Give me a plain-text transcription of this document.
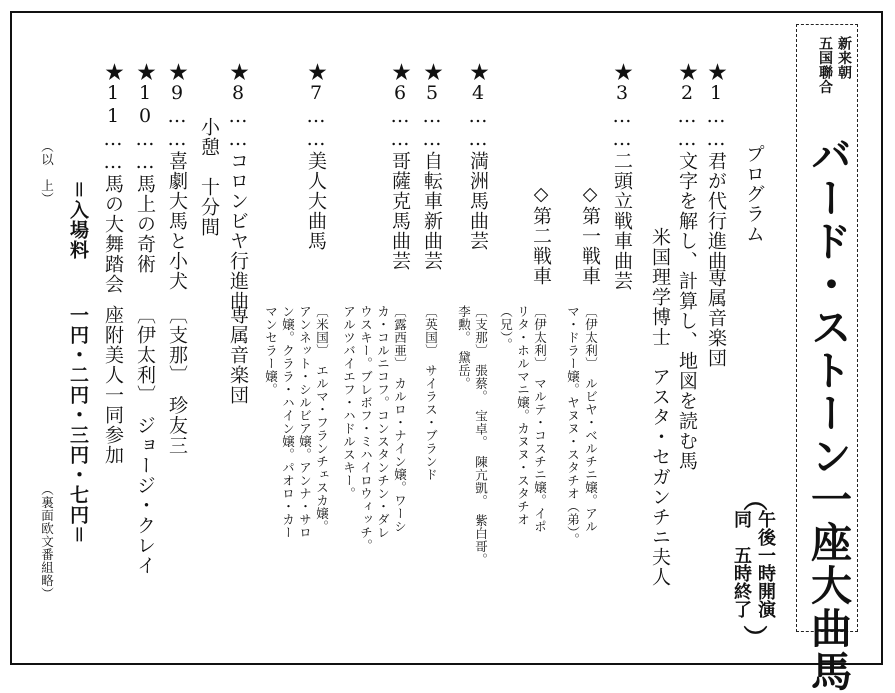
新来朝
五国聯合
バード・ストーン一座大曲馬
（
午後一時開演
同　五時終了
）
プログラム
★1……君が代行進曲
専属音楽団
★2……文字を解し、計算し、地図を読む馬
米国理学博士　アスタ・セガンチニ夫人
★3……二頭立戦車曲芸
◇第一戦車
◇第二戦車
〔伊太利〕　ルビヤ・ベルチニ嬢。アル
マ・ドラー嬢。ヤヌヌ・スタチオ（弟）。
〔伊太利〕　マルテ・コスチニ嬢。イポ
リタ・ホルマニ嬢。カヌヌ・スタチオ
（兄）。
★4……満洲馬曲芸
〔支那〕　張蔡。　宝卓。　陳亢凱。　紫白哥。
李勲。　黛岳。
★5……自転車新曲芸
〔英国〕　サイラス・ブランド
★6……哥薩克馬曲芸
〔露西亜〕　カルロ・ナイン嬢。ワーシ
カ・コルニコフ。コンスタンチン・ダレ
ウスキー。ブレボフ・ミハイロウィッチ。
アルツバイエフ・ハドルスキー。
★7……美人大曲馬
〔米国〕　エルマ・フランチェスカ嬢。
アンネット・シルビア嬢。アンナ・サロ
ン嬢。クララ・ハイン嬢。パオロ・カー
マンセラー嬢。
★8……コロンビヤ行進曲
専属音楽団
小憩　十分間
★9……喜劇大馬と小犬
〔支那〕　珍友三
★10……馬上の奇術
〔伊太利〕　ジョージ・クレイ
★11……馬の大舞踏会
座附美人一同参加
＝入場料
一円・二円・三円・七円＝
（以　上）
（裏面欧文番組略）
